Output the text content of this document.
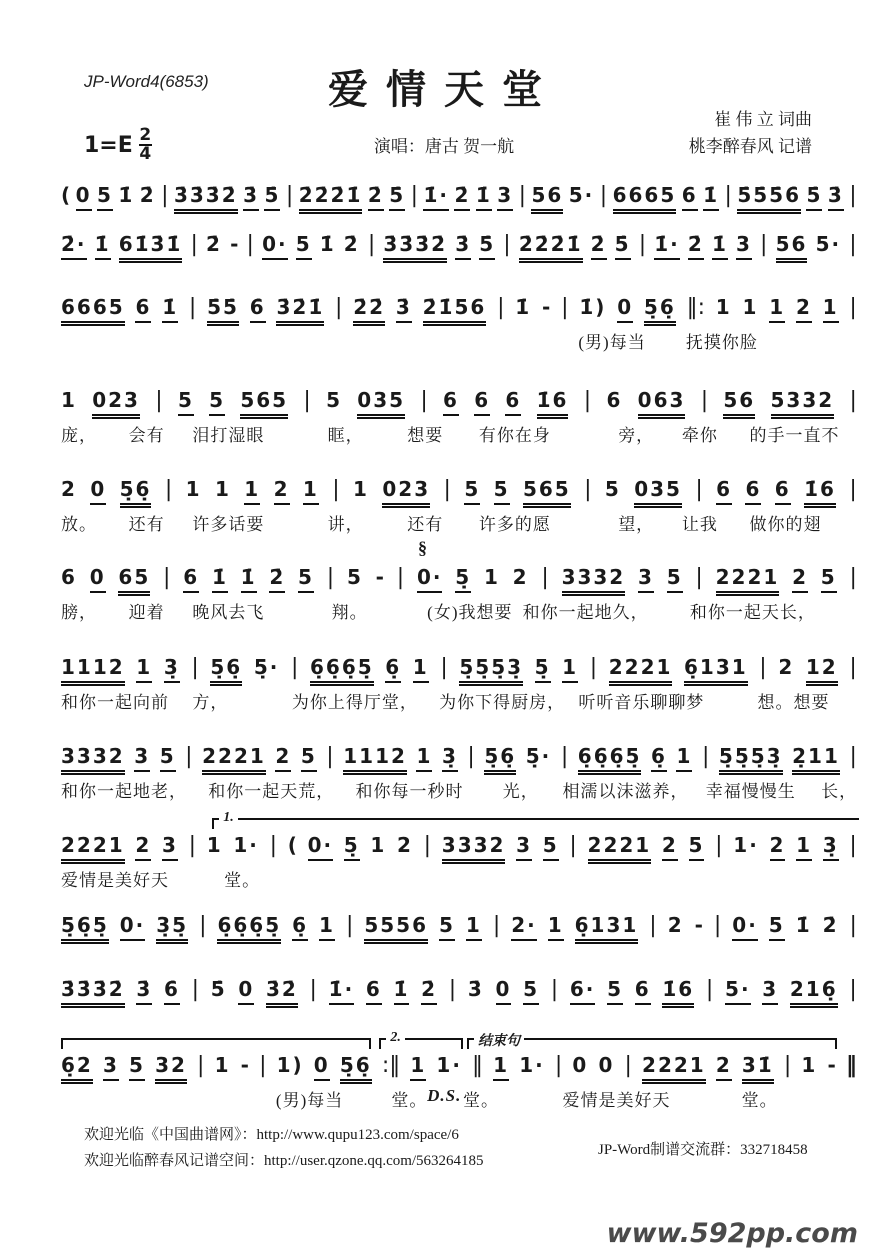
JP-Word4(6853)	爱情天堂
崔 伟 立 词曲
桃李醉春风 记谱
演唱：唐古 贺一航
1=E 2
4
( 0 5 1̇ 2̇ | 3̇3̇3̇2̇ 3̇ 5̇ | 2̇2̇2̇1̇ 2̇ 5̇ | 1̇· 2̇ 1̇ 3 | 56 5· | 6665 6 1̇ | 5̇5̇5̇6̇ 5̇ 3̇ |
2̇· 1̇ 61̇3̇1̇ | 2̇ - | 0· 5 1̇ 2̇ | 3̇3̇3̇2̇ 3̇ 5̇ | 2̇2̇2̇1̇ 2̇ 5̇ | 1̇· 2̇ 1̇ 3 | 56 5· |
6665 6 1̇ | 5̇5̇ 6̇ 3̇2̇1̇ | 2̇2̇ 3̇ 2̇1̇56 | 1̇ - | 1̇) 0 5̣6̣ ‖: 1 1 1 2 1 |
(男)每当 抚摸你脸
1 023 | 5 5 565 | 5 035 | 6 6 6 1̇6 | 6 063 | 56 5332 |
庞， 会有 泪打湿眼	眶，	想要 有你在身	旁， 牵你 的手一直不
2 0 5̣6̣ | 1 1 1 2 1 | 1 023 | 5 5 565 | 5 035 | 6 6 6 1̇6 |
放。 还有 许多话要	讲，	还有 许多的愿	望， 让我 做你的翅
6 0 65 | 6 1̇ 1̇ 2̇ 5 | 5 - |
§
0· 5̣ 1 2 | 3332 3 5 | 2221 2 5 |
膀， 迎着 晚风去飞	翔。	(女)我想要 和你一起地久， 和你一起天长，
1112 1 3̣ | 5̣6̣ 5̣· | 6̣6̣6̣5̣ 6̣ 1 | 5̣5̣5̣3̣ 5̣ 1 | 2221 6̣131 | 2 12 |
和你一起向前 方，	为你上得厅堂， 为你下得厨房， 听听音乐聊聊梦	想。想要
3332 3 5 | 2221 2 5 | 1112 1 3̣ | 5̣6̣ 5̣· | 6̣6̣6̣5̣ 6̣ 1 | 5̣5̣5̣3̣ 2̣11 |
和你一起地老， 和你一起天荒， 和你每一秒时 光， 相濡以沫滋养， 幸福慢慢生 长，
1.
2221 2 3 | 1 1· | ( 0· 5̣ 1 2 | 3332 3 5 | 2221 2 5 | 1· 2 1 3̣ |
爱情是美好天	堂。
5̣6̣5̣ 0· 3̣5̣ | 6̣6̣6̣5̣ 6̣ 1 | 5556 5 1 | 2· 1 6̣131 | 2 - | 0· 5 1̇ 2̇ |
3̇3̇3̇2̇ 3̇ 6̇ | 5̇ 0 3̇2̇ | 1̇· 6 1̇ 2̇ | 3̇ 0 5 | 6· 5 6 1̇6 | 5· 3 216̣ |
2.	结束句
6̣2 3 5 32 | 1 - | 1) 0 5̣6̣ :‖ 1 1· ‖ 1 1· | 0 0 | 2221 2 31̇ | 1 - ‖
(男)每当	堂。 D.S. 堂。	爱情是美好天	堂。
欢迎光临《中国曲谱网》：http://www.qupu123.com/space/6
欢迎光临醉春风记谱空间：http://user.qzone.qq.com/563264185
JP-Word制谱交流群：332718458
www.592pp.com
